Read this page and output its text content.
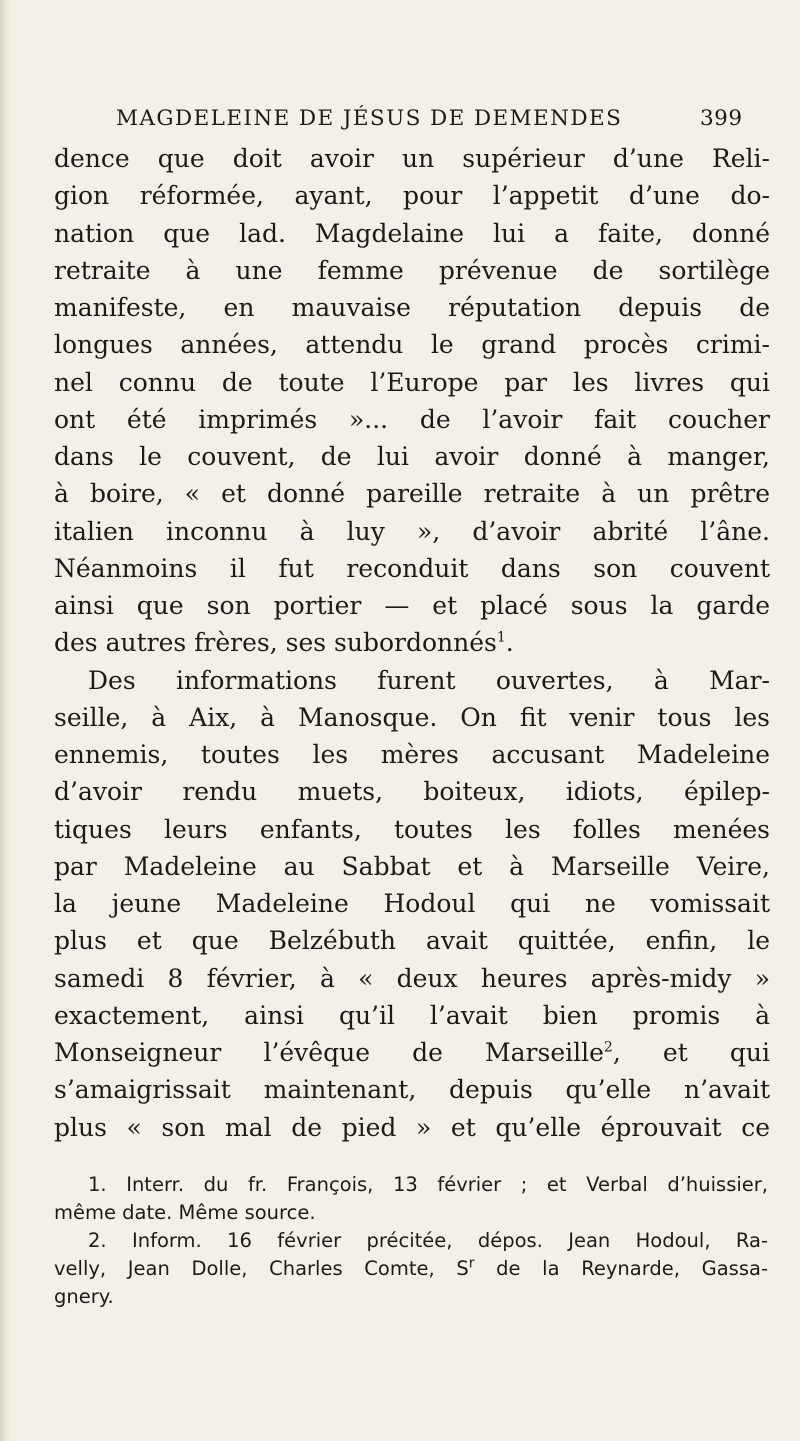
MAGDELEINE DE JÉSUS DE DEMENDES	399
dence que doit avoir un supérieur d’une Reli-
gion réformée, ayant, pour l’appetit d’une do-
nation que lad. Magdelaine lui a faite, donné
retraite à une femme prévenue de sortilège
manifeste, en mauvaise réputation depuis de
longues années, attendu le grand procès crimi-
nel connu de toute l’Europe par les livres qui
ont été imprimés »... de l’avoir fait coucher
dans le couvent, de lui avoir donné à manger,
à boire, « et donné pareille retraite à un prêtre
italien inconnu à luy », d’avoir abrité l’âne.
Néanmoins il fut reconduit dans son couvent
ainsi que son portier — et placé sous la garde
des autres frères, ses subordonnés$^1$.
Des informations furent ouvertes, à Mar-
seille, à Aix, à Manosque. On fit venir tous les
ennemis, toutes les mères accusant Madeleine
d’avoir rendu muets, boiteux, idiots, épilep-
tiques leurs enfants, toutes les folles menées
par Madeleine au Sabbat et à Marseille Veire,
la jeune Madeleine Hodoul qui ne vomissait
plus et que Belzébuth avait quittée, enfin, le
samedi 8 février, à « deux heures après-midy »
exactement, ainsi qu’il l’avait bien promis à
Monseigneur l’évêque de Marseille$^2$, et qui
s’amaigrissait maintenant, depuis qu’elle n’avait
plus « son mal de pied » et qu’elle éprouvait ce
1. Interr. du fr. François, 13 février ; et Verbal d’huissier,
même date. Même source.
2. Inform. 16 février précitée, dépos. Jean Hodoul, Ra-
velly, Jean Dolle, Charles Comte, $S^r$ de la Reynarde, Gassa-
gnery.
